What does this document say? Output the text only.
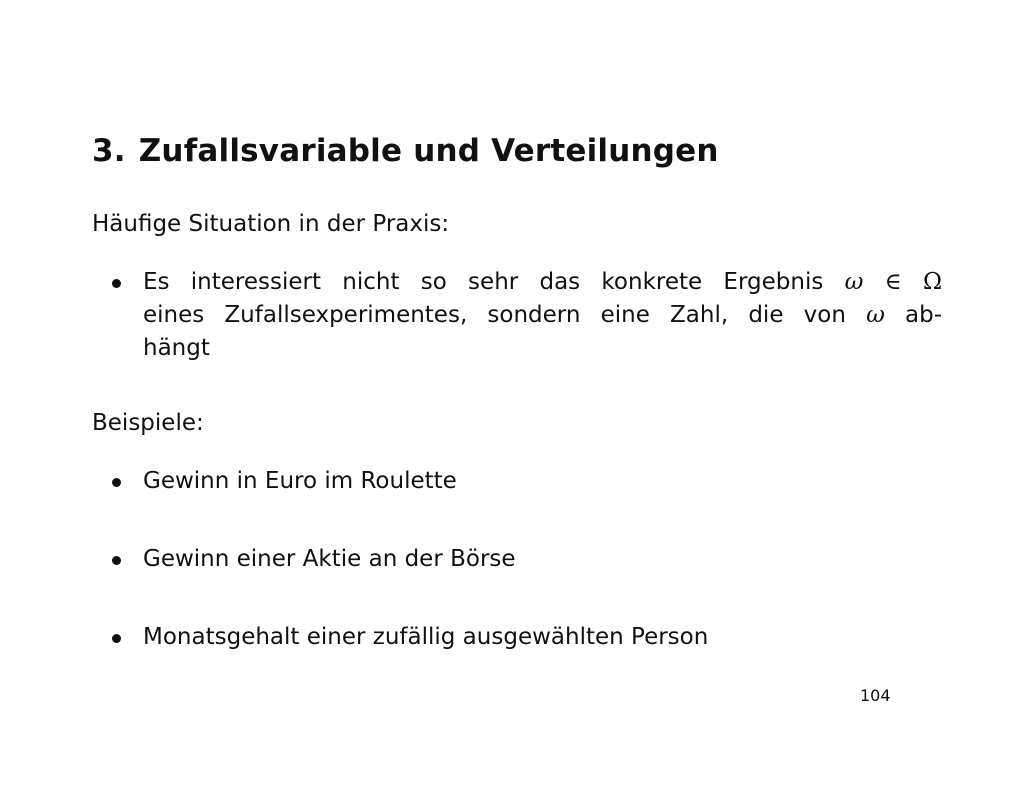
3. Zufallsvariable und Verteilungen

Häufige Situation in der Praxis:

Es interessiert nicht so sehr das konkrete Ergebnis ω ∈ Ω
eines Zufallsexperimentes, sondern eine Zahl, die von ω ab-
hängt

Beispiele:

Gewinn in Euro im Roulette
Gewinn einer Aktie an der Börse
Monatsgehalt einer zufällig ausgewählten Person
104
